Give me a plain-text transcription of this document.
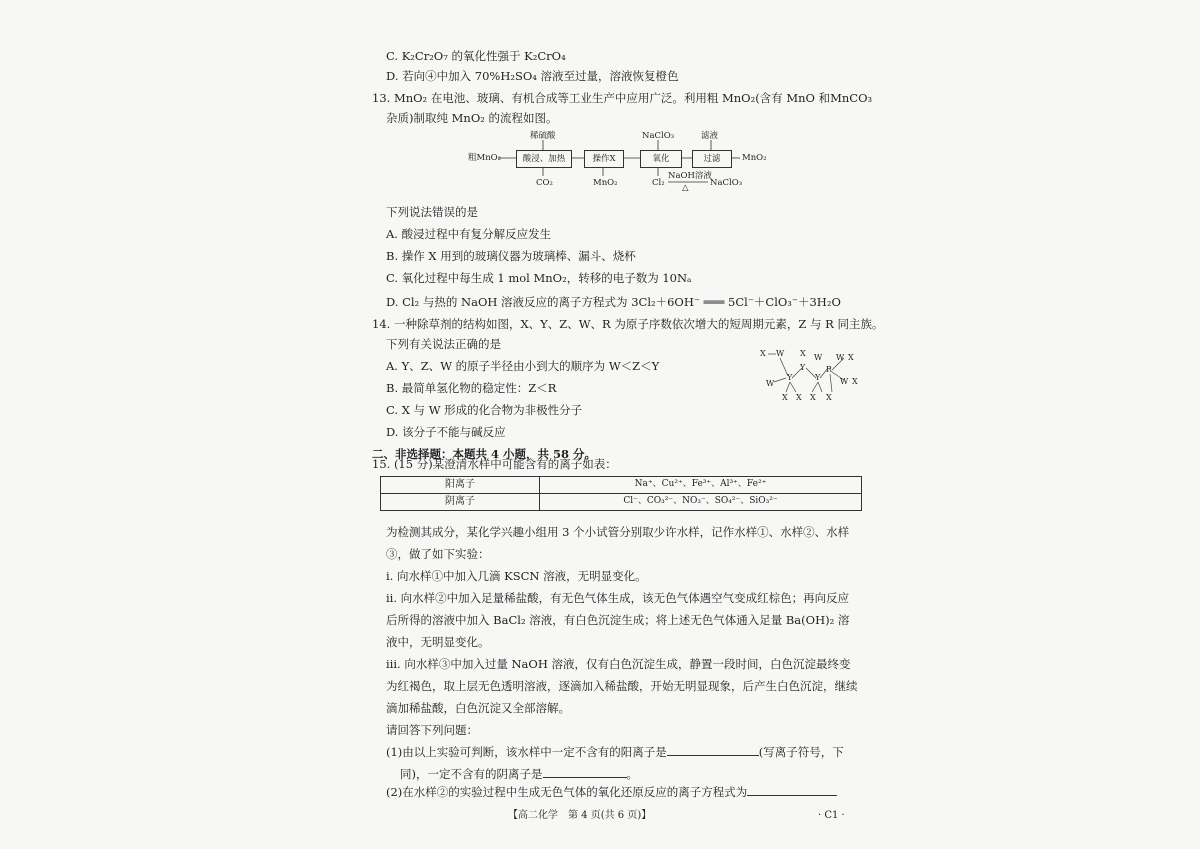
C. K₂Cr₂O₇ 的氧化性强于 K₂CrO₄
D. 若向④中加入 70%H₂SO₄ 溶液至过量，溶液恢复橙色
13. MnO₂ 在电池、玻璃、有机合成等工业生产中应用广泛。利用粗 MnO₂(含有 MnO 和MnCO₃
杂质)制取纯 MnO₂ 的流程如图。
粗MnO₂
稀硫酸
酸浸、加热	操作X
NaClO₃
氧化
滤液
过滤	MnO₂
CO₂	MnO₂	Cl₂
NaOH溶液
△	NaClO₃
下列说法错误的是
A. 酸浸过程中有复分解反应发生
B. 操作 X 用到的玻璃仪器为玻璃棒、漏斗、烧杯
C. 氧化过程中每生成 1 mol MnO₂，转移的电子数为 10Nₐ
D. Cl₂ 与热的 NaOH 溶液反应的离子方程式为 3Cl₂＋6OH⁻ ═══ 5Cl⁻＋ClO₃⁻＋3H₂O
14. 一种除草剂的结构如图，X、Y、Z、W、R 为原子序数依次增大的短周期元素，Z 与 R 同主族。
下列有关说法正确的是
A. Y、Z、W 的原子半径由小到大的顺序为 W＜Z＜Y
B. 最简单氢化物的稳定性：Z＜R
C. X 与 W 形成的化合物为非极性分子
D. 该分子不能与碱反应
X W X
Y
W
W	X
W
Y
Y
R
W X
X X X X
二、非选择题：本题共 4 小题，共 58 分。
15. (15 分)某澄清水样中可能含有的离子如表：
阳离子	Na⁺、Cu²⁺、Fe³⁺、Al³⁺、Fe²⁺
阴离子	Cl⁻、CO₃²⁻、NO₃⁻、SO₄²⁻、SiO₃²⁻
为检测其成分，某化学兴趣小组用 3 个小试管分别取少许水样，记作水样①、水样②、水样
③，做了如下实验：
ⅰ. 向水样①中加入几滴 KSCN 溶液，无明显变化。
ⅱ. 向水样②中加入足量稀盐酸，有无色气体生成，该无色气体遇空气变成红棕色；再向反应
后所得的溶液中加入 BaCl₂ 溶液，有白色沉淀生成；将上述无色气体通入足量 Ba(OH)₂ 溶
液中，无明显变化。
ⅲ. 向水样③中加入过量 NaOH 溶液，仅有白色沉淀生成，静置一段时间，白色沉淀最终变
为红褐色，取上层无色透明溶液，逐滴加入稀盐酸，开始无明显现象，后产生白色沉淀，继续
滴加稀盐酸，白色沉淀又全部溶解。
请回答下列问题：
(1)由以上实验可判断，该水样中一定不含有的阳离子是	(写离子符号，下
同)，一定不含有的阴离子是	。
(2)在水样②的实验过程中生成无色气体的氧化还原反应的离子方程式为
【高二化学　第 4 页(共 6 页)】	· C1 ·
